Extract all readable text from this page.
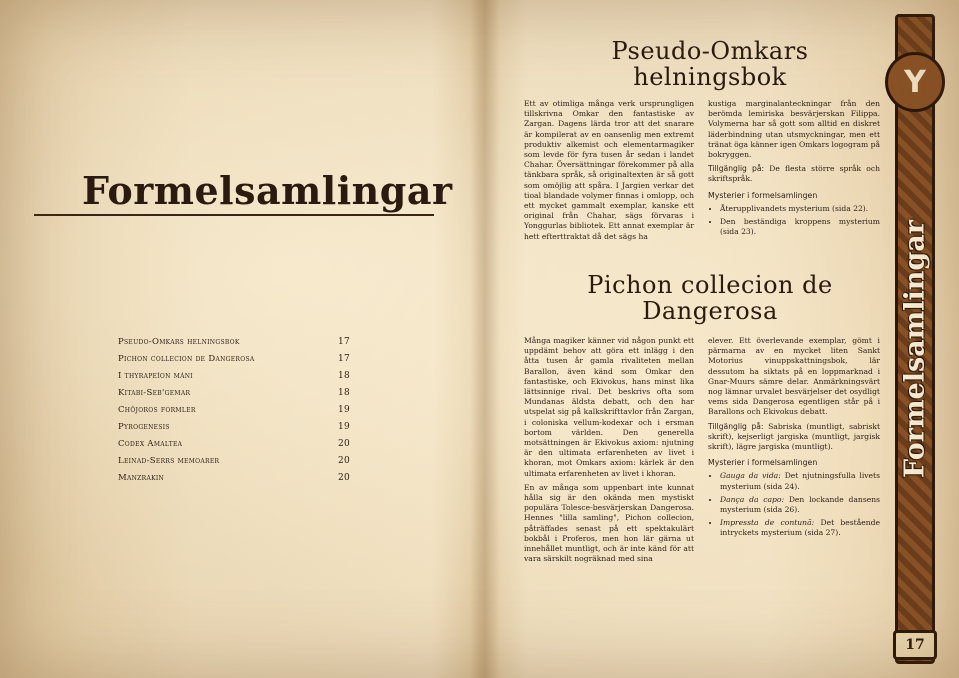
Formelsamlingar
Pseudo-Omkars helningsbok	17
Pichon collecion de Dangerosa	17
I thyrapeíon máni	18
Kitabi-Seb'gemar	18
Chôjoros formler	19
Pyrogenesis	19
Codex Amaltea	20
Leinad-Serrs memoarer	20
Manzrakin	20
Pseudo-Omkars helningsbok

Ett av otimliga många verk ursprungligen tillskrivna Omkar den fantastiske av Zargan. Dagens lärda tror att det snarare är kompilerat av en oansenlig men extremt produktiv alkemist och elementarmagiker som levde för fyra tusen år sedan i landet Chahar. Översättningar förekommer på alla tänkbara språk, så originaltexten är så gott som omöjlig att spåra. I Jargien verkar det tioal blandade volymer finnas i omlopp, och ett mycket gammalt exemplar, kanske ett original från Chahar, sägs förvaras i Yonggurlas bibliotek. Ett annat exemplar är hett efterttraktat då det sägs ha

kustiga marginalanteckningar från den berömda lemiriska besvärjerskan Filippa. Volymerna har så gott som alltid en diskret läderbindning utan utsmyckningar, men ett tränat öga känner igen Omkars logogram på bokryggen.

Tillgänglig på: De flesta större språk och skriftspråk.

Mysterier i formelsamlingen
• Återupplivandets mysterium (sida 22).
• Den beständiga kroppens mysterium (sida 23).
Pichon collecion de Dangerosa

Många magiker känner vid någon punkt ett uppdämt behov att göra ett inlägg i den åtta tusen år gamla rivaliteten mellan Barallon, även känd som Omkar den fantastiske, och Ekivokus, hans minst lika lättsinnige rival. Det beskrivs ofta som Mundanas äldsta debatt, och den har utspelat sig på kalkskrifttavlor från Zargan, i coloniska vellum-kodexar och i ersman bortom världen. Den generella motsättningen är Ekivokus axiom: njutning är den ultimata erfarenheten av livet i khoran, mot Omkars axiom: kärlek är den ultimata erfarenheten av livet i khoran.

En av många som uppenbart inte kunnat hålla sig är den okända men mystiskt populära Tolesce-besvärjerskan Dangerosa. Hennes "lilla samling", Pichon collecion, påträffades senast på ett spektakulärt bokbål i Proferos, men hon lär gärna ut innehållet muntligt, och är inte känd för att vara särskilt nogräknad med sina

elever. Ett överlevande exemplar, gömt i pärmarna av en mycket liten Sankt Motorius vinuppskattningsbok, lär dessutom ha siktats på en loppmarknad i Gnar-Muurs sämre delar. Anmärkningsvärt nog lämnar urvalet besvärjelser det osydligt vems sida Dangerosa egentligen står på i Barallons och Ekivokus debatt.

Tillgänglig på: Sabriska (muntligt, sabriskt skrift), kejserligt jargiska (muntligt, jargisk skrift), lägre jargiska (muntligt).

Mysterier i formelsamlingen
• Gauga da vida: Det njutningsfulla livets mysterium (sida 24).
• Dança da capo: Den lockande dansens mysterium (sida 26).
• Impressta de contunã: Det bestående intryckets mysterium (sida 27).
Y
Formelsamlingar
17
